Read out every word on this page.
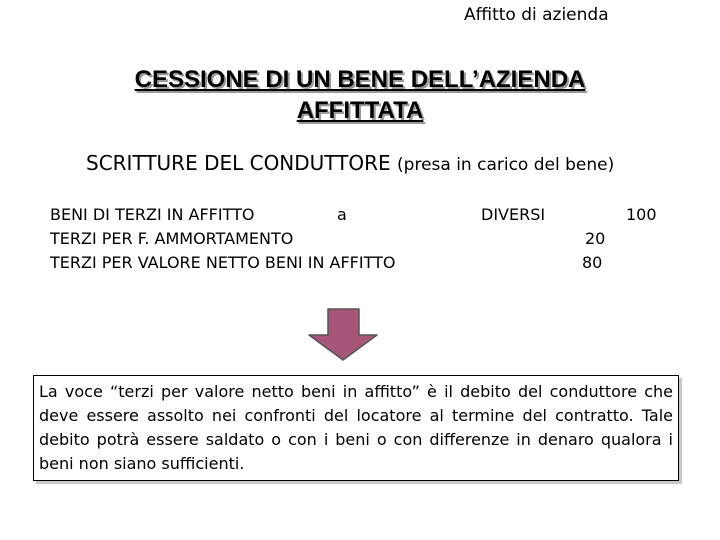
Affitto di azienda
CESSIONE DI UN BENE DELL’AZIENDA
AFFITTATA
SCRITTURE DEL CONDUTTORE (presa in carico del bene)
BENI DI TERZI IN AFFITTO	a	DIVERSI	100
TERZI PER F. AMMORTAMENTO	20
TERZI PER VALORE NETTO BENI IN AFFITTO	80
La voce “terzi per valore netto beni in affitto” è il debito del conduttore che deve essere assolto nei confronti del locatore al termine del contratto. Tale debito potrà essere saldato o con i beni o con differenze in denaro qualora i beni non siano sufficienti.
